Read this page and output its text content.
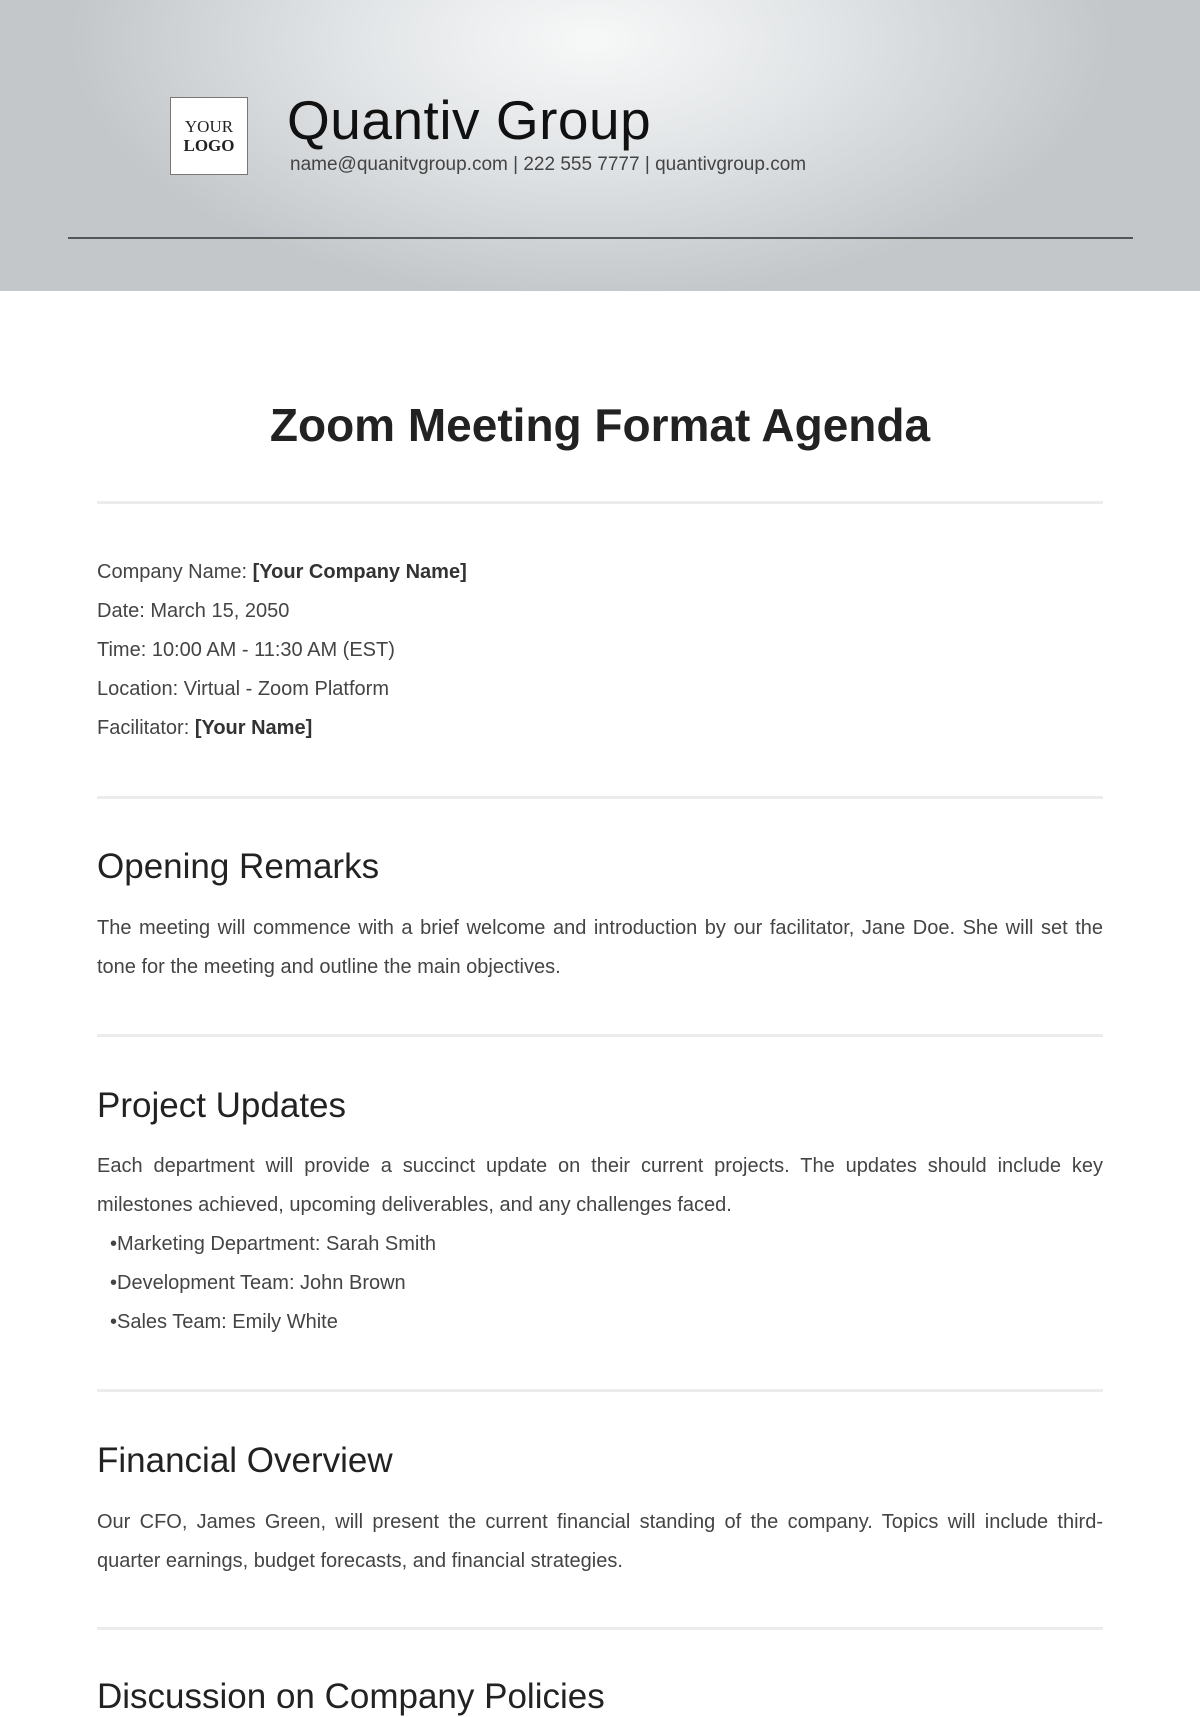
YOUR
LOGO Quantiv Group
name@quanitvgroup.com | 222 555 7777 | quantivgroup.com
Zoom Meeting Format Agenda
Company Name: [Your Company Name]
Date: March 15, 2050
Time: 10:00 AM - 11:30 AM (EST)
Location: Virtual - Zoom Platform
Facilitator: [Your Name]
Opening Remarks

The meeting will commence with a brief welcome and introduction by our facilitator, Jane Doe. She will set the tone for the meeting and outline the main objectives.

Project Updates

Each department will provide a succinct update on their current projects. The updates should include key milestones achieved, upcoming deliverables, and any challenges faced.

•Marketing Department: Sarah Smith
•Development Team: John Brown
•Sales Team: Emily White
Financial Overview

Our CFO, James Green, will present the current financial standing of the company. Topics will include third-quarter earnings, budget forecasts, and financial strategies.

Discussion on Company Policies
